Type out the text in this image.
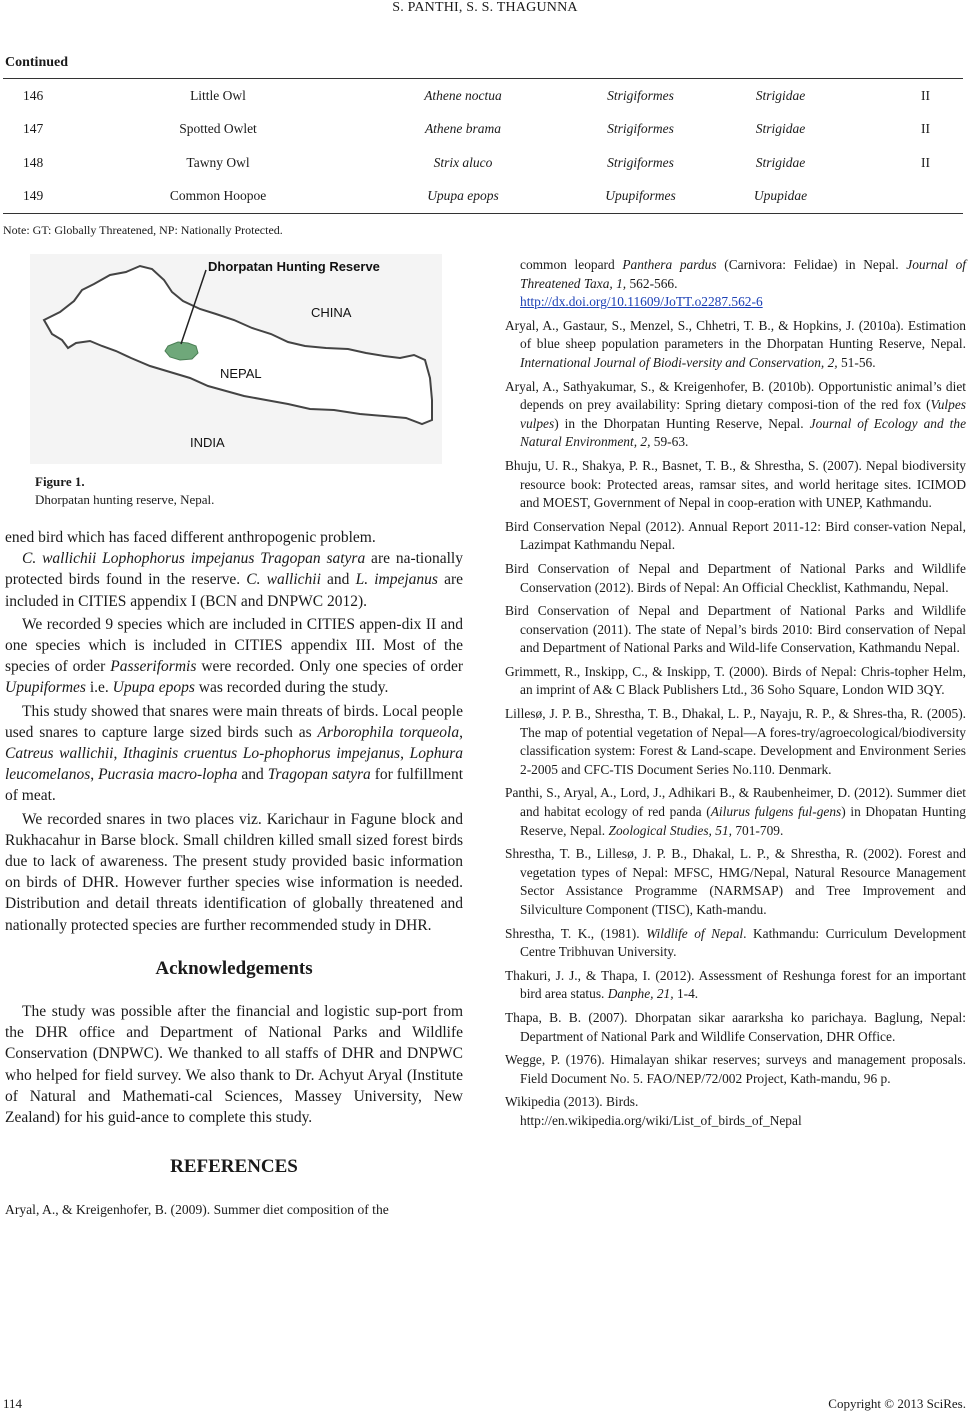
S. PANTHI, S. S. THAGUNNA
Continued
146	Little Owl	Athene noctua	Strigiformes	Strigidae	II
147	Spotted Owlet	Athene brama	Strigiformes	Strigidae	II
148	Tawny Owl	Strix aluco	Strigiformes	Strigidae	II
149	Common Hoopoe	Upupa epops	Upupiformes	Upupidae	
Note: GT: Globally Threatened, NP: Nationally Protected.
Dhorpatan Hunting Reserve
CHINA
NEPAL
INDIA
Figure 1.
Dhorpatan hunting reserve, Nepal.

ened bird which has faced different anthropogenic problem.

C. wallichii Lophophorus impejanus Tragopan satyra are na-tionally protected birds found in the reserve. C. wallichii and L. impejanus are included in CITIES appendix I (BCN and DNPWC 2012).

We recorded 9 species which are included in CITIES appen-dix II and one species which is included in CITIES appendix III. Most of the species of order Passeriformis were recorded. Only one species of order Upupiformes i.e. Upupa epops was recorded during the study.

This study showed that snares were main threats of birds. Local people used snares to capture large sized birds such as Arborophila torqueola, Catreus wallichii, Ithaginis cruentus Lo-phophorus impejanus, Lophura leucomelanos, Pucrasia macro-lopha and Tragopan satyra for fulfillment of meat.

We recorded snares in two places viz. Karichaur in Fagune block and Rukhacahur in Barse block. Small children killed small sized forest birds due to lack of awareness. The present study provided basic information on birds of DHR. However further species wise information is needed. Distribution and detail threats identification of globally threatened and nationally protected species are further recommended study in DHR.

Acknowledgements

The study was possible after the financial and logistic sup-port from the DHR office and Department of National Parks and Wildlife Conservation (DNPWC). We thanked to all staffs of DHR and DNPWC who helped for field survey. We also thank to Dr. Achyut Aryal (Institute of Natural and Mathemati-cal Sciences, Massey University, New Zealand) for his guid-ance to complete this study.

REFERENCES

Aryal, A., & Kreigenhofer, B. (2009). Summer diet composition of the

common leopard Panthera pardus (Carnivora: Felidae) in Nepal. Journal of Threatened Taxa, 1, 562-566.
http://dx.doi.org/10.11609/JoTT.o2287.562-6

Aryal, A., Gastaur, S., Menzel, S., Chhetri, T. B., & Hopkins, J. (2010a). Estimation of blue sheep population parameters in the Dhorpatan Hunting Reserve, Nepal. International Journal of Biodi-versity and Conservation, 2, 51-56.

Aryal, A., Sathyakumar, S., & Kreigenhofer, B. (2010b). Opportunistic animal’s diet depends on prey availability: Spring dietary composi-tion of the red fox (Vulpes vulpes) in the Dhorpatan Hunting Reserve, Nepal. Journal of Ecology and the Natural Environment, 2, 59-63.

Bhuju, U. R., Shakya, P. R., Basnet, T. B., & Shrestha, S. (2007). Nepal biodiversity resource book: Protected areas, ramsar sites, and world heritage sites. ICIMOD and MOEST, Government of Nepal in coop-eration with UNEP, Kathmandu.

Bird Conservation Nepal (2012). Annual Report 2011-12: Bird conser-vation Nepal, Lazimpat Kathmandu Nepal.

Bird Conservation of Nepal and Department of National Parks and Wildlife Conservation (2012). Birds of Nepal: An Official Checklist, Kathmandu, Nepal.

Bird Conservation of Nepal and Department of National Parks and Wildlife conservation (2011). The state of Nepal’s birds 2010: Bird conservation of Nepal and Department of National Parks and Wild-life Conservation, Kathmandu Nepal.

Grimmett, R., Inskipp, C., & Inskipp, T. (2000). Birds of Nepal: Chris-topher Helm, an imprint of A& C Black Publishers Ltd., 36 Soho Square, London WID 3QY.

Lillesø, J. P. B., Shrestha, T. B., Dhakal, L. P., Nayaju, R. P., & Shres-tha, R. (2005). The map of potential vegetation of Nepal—A fores-try/agroecological/biodiversity classification system: Forest & Land-scape. Development and Environment Series 2-2005 and CFC-TIS Document Series No.110. Denmark.

Panthi, S., Aryal, A., Lord, J., Adhikari B., & Raubenheimer, D. (2012). Summer diet and habitat ecology of red panda (Ailurus fulgens ful-gens) in Dhopatan Hunting Reserve, Nepal. Zoological Studies, 51, 701-709.

Shrestha, T. B., Lillesø, J. P. B., Dhakal, L. P., & Shrestha, R. (2002). Forest and vegetation types of Nepal: MFSC, HMG/Nepal, Natural Resource Management Sector Assistance Programme (NARMSAP) and Tree Improvement and Silviculture Component (TISC), Kath-mandu.

Shrestha, T. K., (1981). Wildlife of Nepal. Kathmandu: Curriculum Development Centre Tribhuvan University.

Thakuri, J. J., & Thapa, I. (2012). Assessment of Reshunga forest for an important bird area status. Danphe, 21, 1-4.

Thapa, B. B. (2007). Dhorpatan sikar aararksha ko parichaya. Baglung, Nepal: Department of National Park and Wildlife Conservation, DHR Office.

Wegge, P. (1976). Himalayan shikar reserves; surveys and management proposals. Field Document No. 5. FAO/NEP/72/002 Project, Kath-mandu, 96 p.

Wikipedia (2013). Birds.
http://en.wikipedia.org/wiki/List_of_birds_of_Nepal

114	Copyright © 2013 SciRes.
